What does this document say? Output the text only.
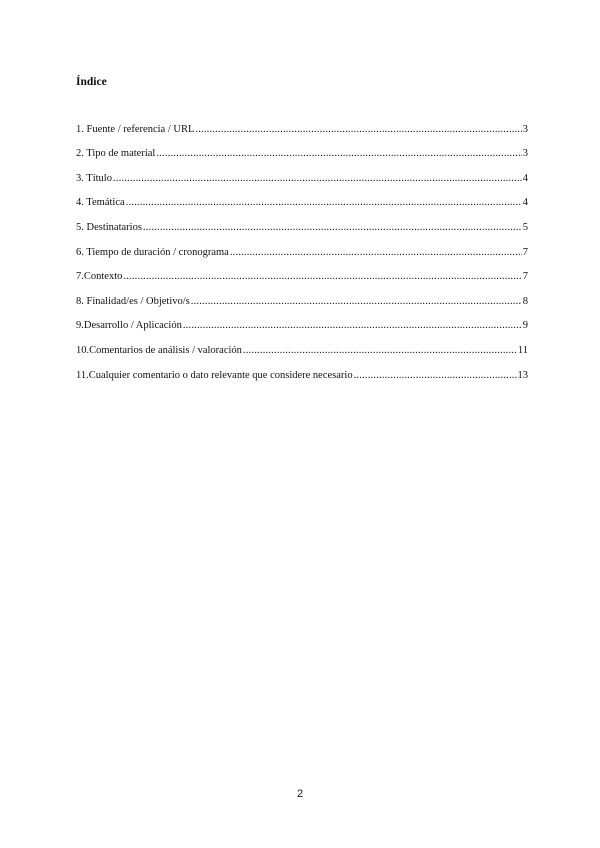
Índice
1. Fuente / referencia / URL .....	3
2. Tipo de material .....	3
3. Título .....	4
4. Temática .....	4
5. Destinatarios .....	5
6. Tiempo de duración / cronograma .....	7
7.Contexto .....	7
8. Finalidad/es / Objetivo/s .....	8
9.Desarrollo / Aplicación .....	9
10.Comentarios de análisis / valoración .....	11
11.Cualquier comentario o dato relevante que considere necesario .....	13
2
